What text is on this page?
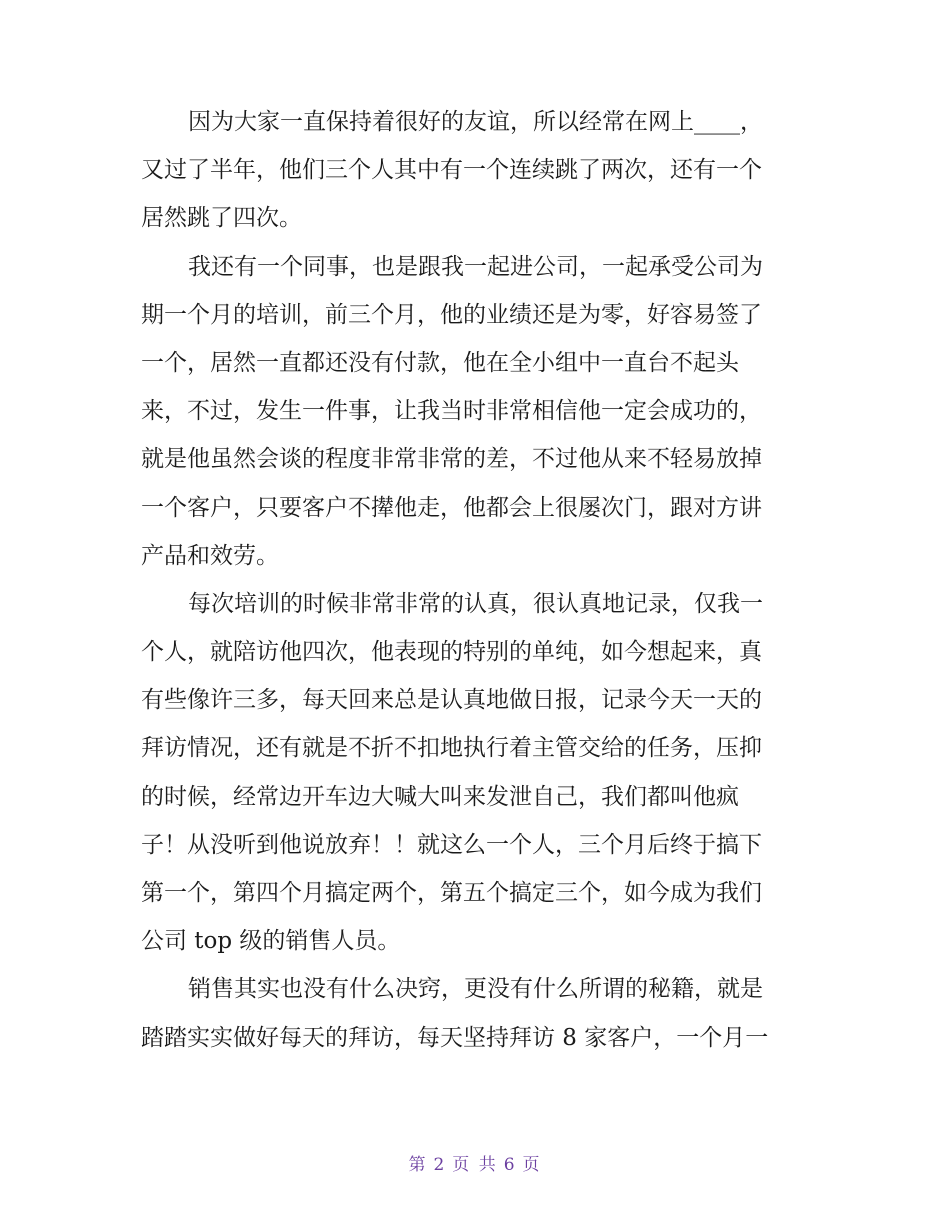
因为大家一直保持着很好的友谊，所以经常在网上____，
又过了半年，他们三个人其中有一个连续跳了两次，还有一个
居然跳了四次。

我还有一个同事，也是跟我一起进公司，一起承受公司为
期一个月的培训，前三个月，他的业绩还是为零，好容易签了
一个，居然一直都还没有付款，他在全小组中一直台不起头
来，不过，发生一件事，让我当时非常相信他一定会成功的，
就是他虽然会谈的程度非常非常的差，不过他从来不轻易放掉
一个客户，只要客户不撵他走，他都会上很屡次门，跟对方讲
产品和效劳。

每次培训的时候非常非常的认真，很认真地记录，仅我一
个人，就陪访他四次，他表现的特别的单纯，如今想起来，真
有些像许三多，每天回来总是认真地做日报，记录今天一天的
拜访情况，还有就是不折不扣地执行着主管交给的任务，压抑
的时候，经常边开车边大喊大叫来发泄自己，我们都叫他疯
子！从没听到他说放弃！！就这么一个人，三个月后终于搞下
第一个，第四个月搞定两个，第五个搞定三个，如今成为我们
公司 top 级的销售人员。

销售其实也没有什么决窍，更没有什么所谓的秘籍，就是
踏踏实实做好每天的拜访，每天坚持拜访 8 家客户，一个月一

第 2 页 共 6 页
